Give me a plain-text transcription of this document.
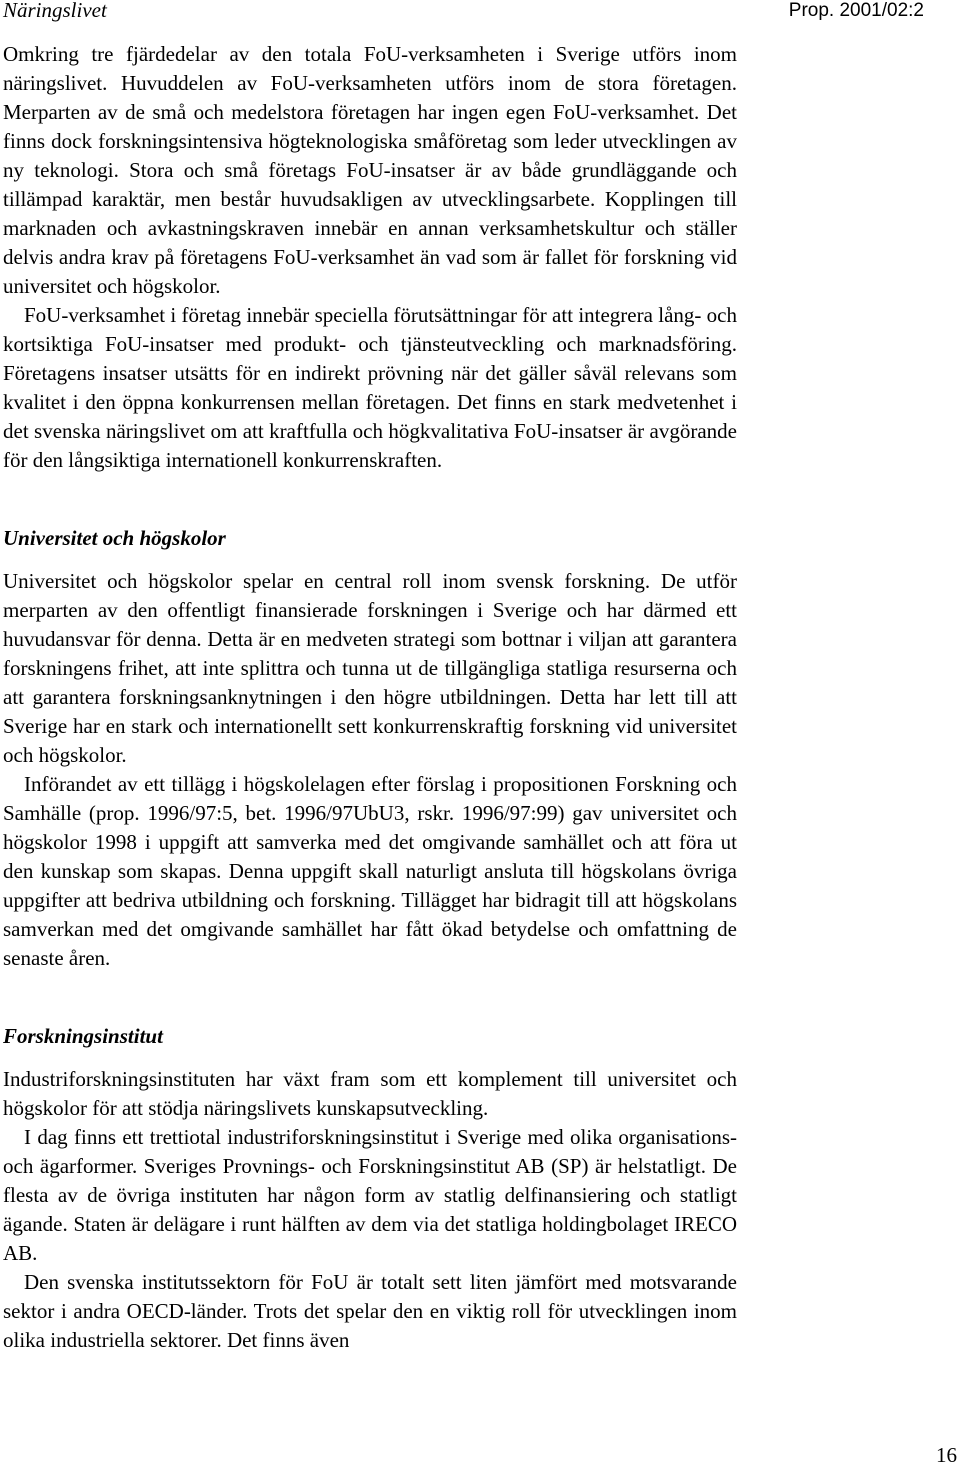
Näringslivet	Prop. 2001/02:2

Omkring tre fjärdedelar av den totala FoU-verksamheten i Sverige utförs inom näringslivet. Huvuddelen av FoU-verksamheten utförs inom de stora företagen. Merparten av de små och medelstora företagen har ingen egen FoU-verksamhet. Det finns dock forskningsintensiva högteknologiska småföretag som leder utvecklingen av ny teknologi. Stora och små företags FoU-insatser är av både grundläggande och tillämpad karaktär, men består huvudsakligen av utvecklingsarbete. Kopplingen till marknaden och avkastningskraven innebär en annan verksamhetskultur och ställer delvis andra krav på företagens FoU-verksamhet än vad som är fallet för forskning vid universitet och högskolor.

FoU-verksamhet i företag innebär speciella förutsättningar för att integrera lång- och kortsiktiga FoU-insatser med produkt- och tjänsteutveckling och marknadsföring. Företagens insatser utsätts för en indirekt prövning när det gäller såväl relevans som kvalitet i den öppna konkurrensen mellan företagen. Det finns en stark medvetenhet i det svenska näringslivet om att kraftfulla och högkvalitativa FoU-insatser är avgörande för den långsiktiga internationell konkurrenskraften.

Universitet och högskolor

Universitet och högskolor spelar en central roll inom svensk forskning. De utför merparten av den offentligt finansierade forskningen i Sverige och har därmed ett huvudansvar för denna. Detta är en medveten strategi som bottnar i viljan att garantera forskningens frihet, att inte splittra och tunna ut de tillgängliga statliga resurserna och att garantera forskningsanknytningen i den högre utbildningen. Detta har lett till att Sverige har en stark och internationellt sett konkurrenskraftig forskning vid universitet och högskolor.

Införandet av ett tillägg i högskolelagen efter förslag i propositionen Forskning och Samhälle (prop. 1996/97:5, bet. 1996/97UbU3, rskr. 1996/97:99) gav universitet och högskolor 1998 i uppgift att samverka med det omgivande samhället och att föra ut den kunskap som skapas. Denna uppgift skall naturligt ansluta till högskolans övriga uppgifter att bedriva utbildning och forskning. Tillägget har bidragit till att högskolans samverkan med det omgivande samhället har fått ökad betydelse och omfattning de senaste åren.

Forskningsinstitut

Industriforskningsinstituten har växt fram som ett komplement till universitet och högskolor för att stödja näringslivets kunskapsutveckling.

I dag finns ett trettiotal industriforskningsinstitut i Sverige med olika organisations- och ägarformer. Sveriges Provnings- och Forskningsinstitut AB (SP) är helstatligt. De flesta av de övriga instituten har någon form av statlig delfinansiering och statligt ägande. Staten är delägare i runt hälften av dem via det statliga holdingbolaget IRECO AB.

Den svenska institutssektorn för FoU är totalt sett liten jämfört med motsvarande sektor i andra OECD-länder. Trots det spelar den en viktig roll för utvecklingen inom olika industriella sektorer. Det finns även

16
